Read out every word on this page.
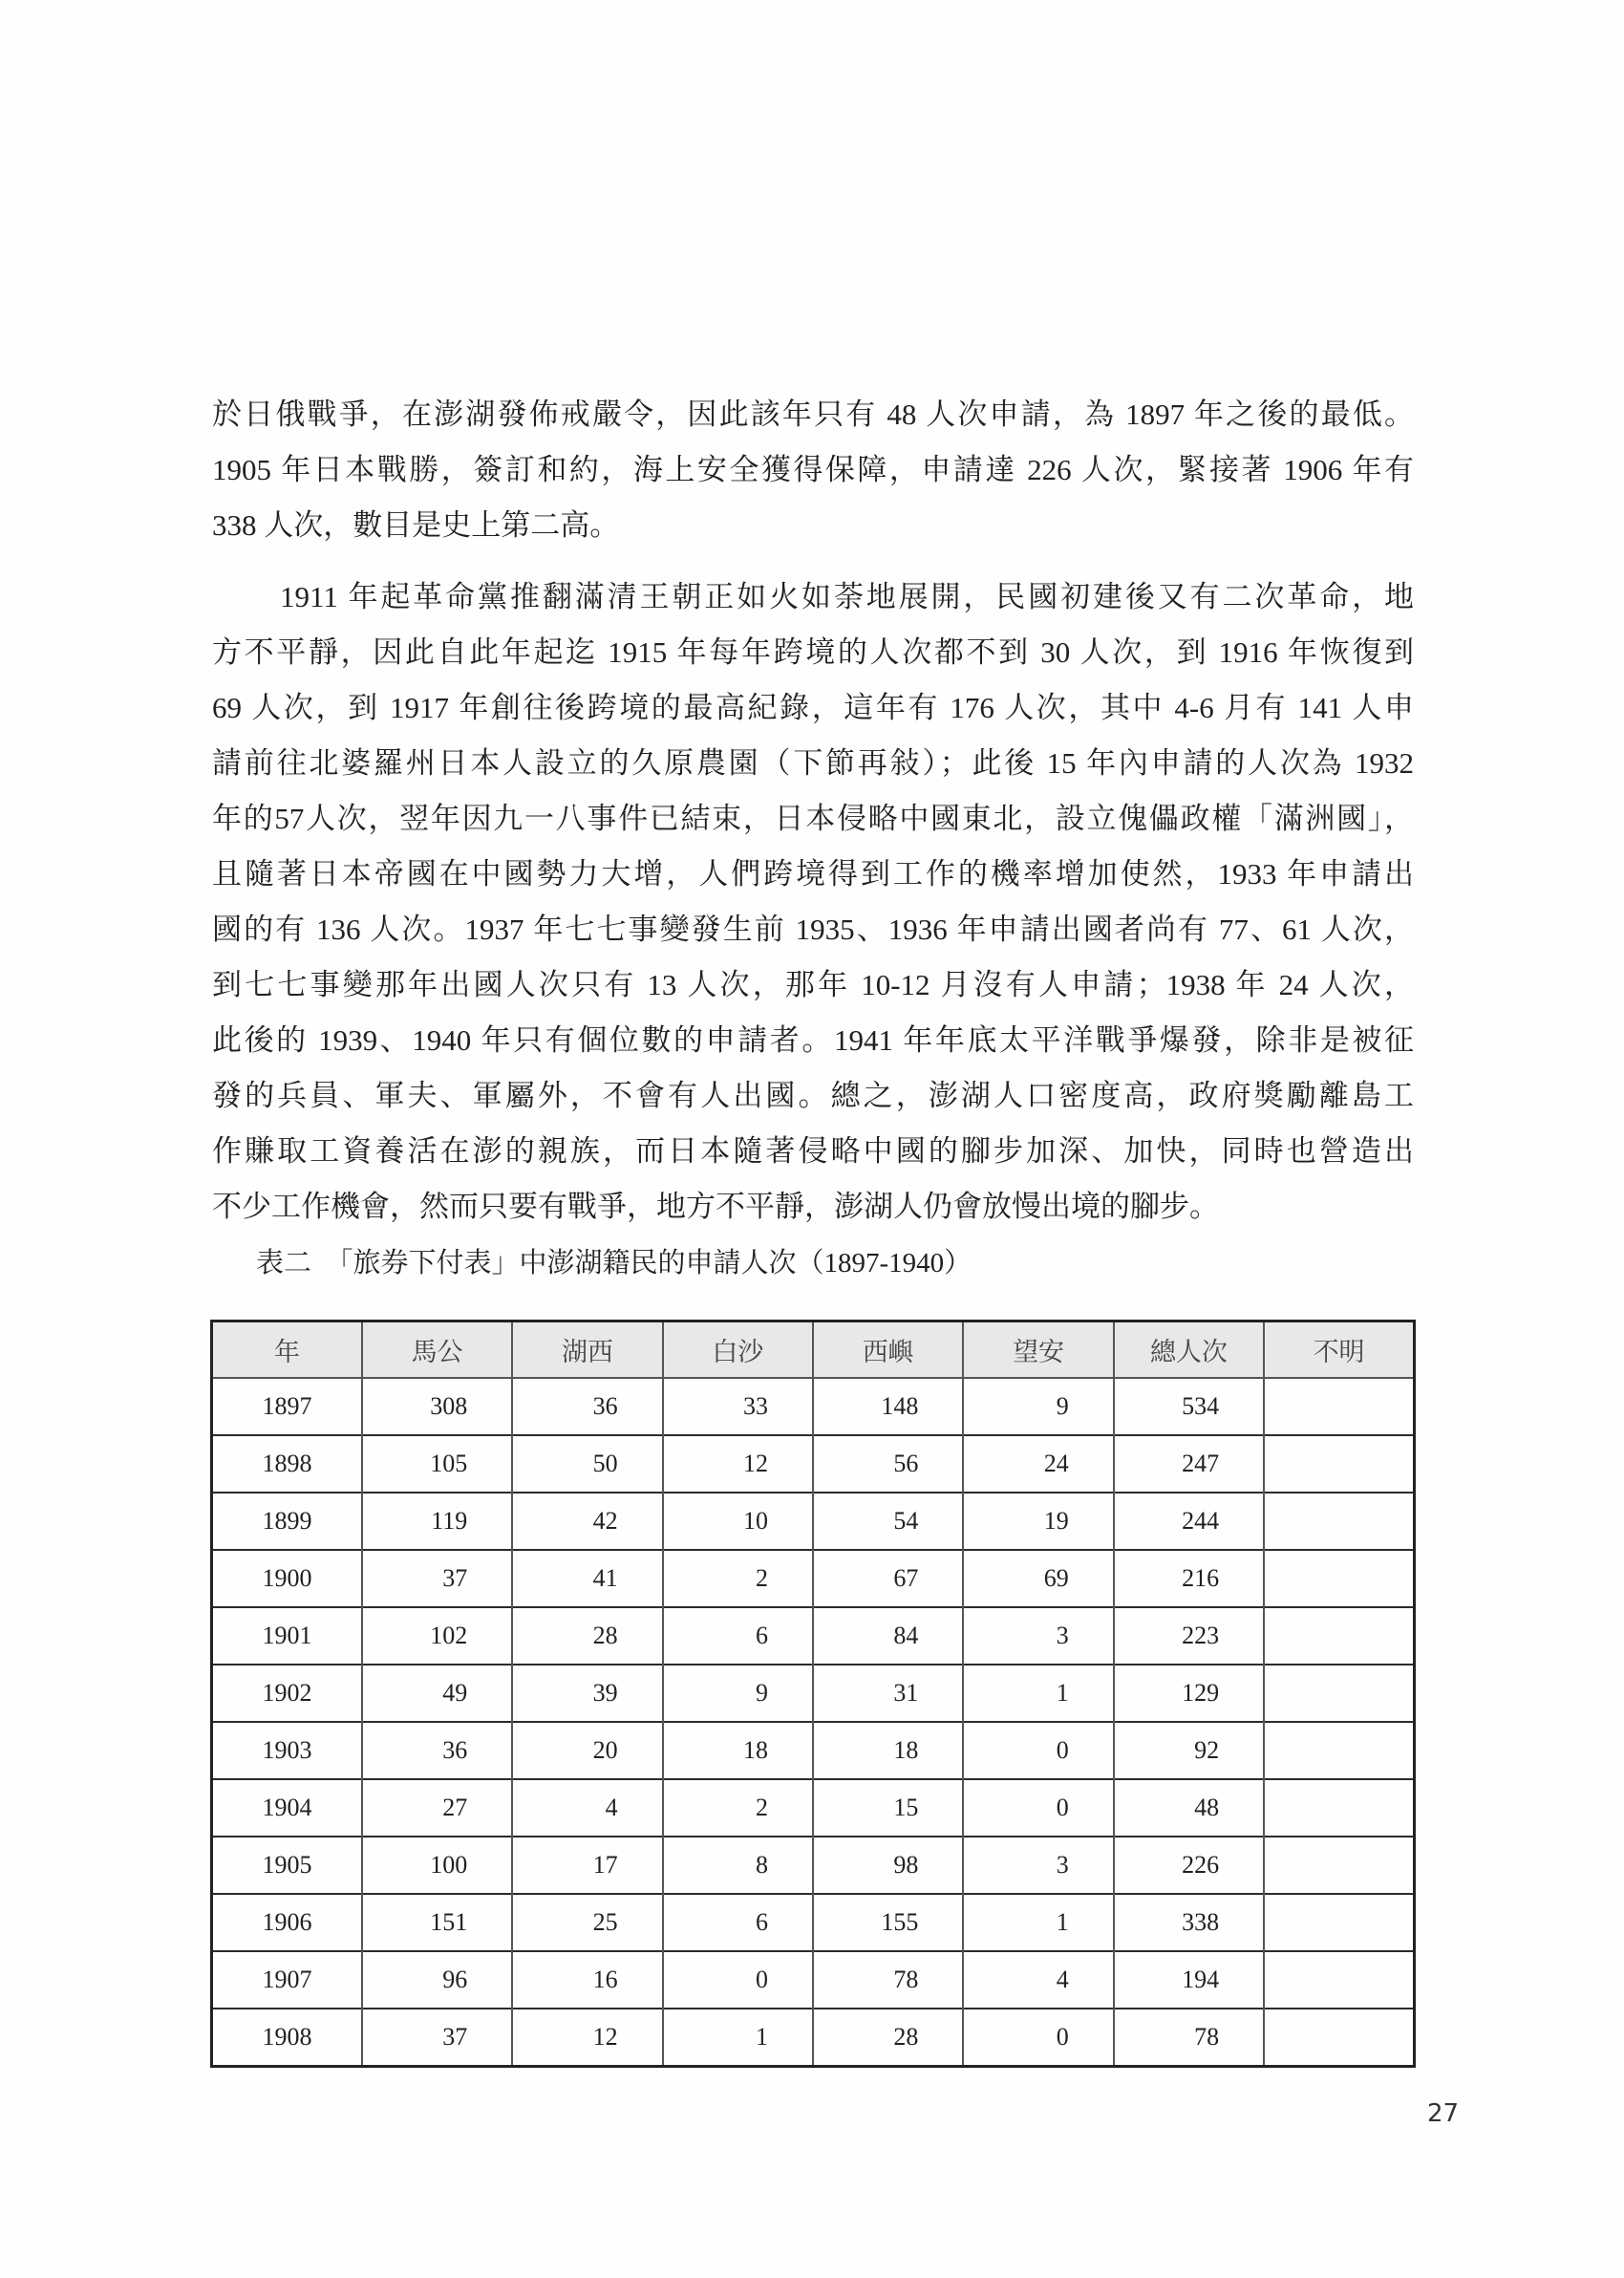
於日俄戰爭，在澎湖發佈戒嚴令，因此該年只有 48 人次申請，為 1897 年之後的最低。
1905 年日本戰勝，簽訂和約，海上安全獲得保障，申請達 226 人次，緊接著 1906 年有
338 人次，數目是史上第二高。
1911 年起革命黨推翻滿清王朝正如火如荼地展開，民國初建後又有二次革命，地
方不平靜，因此自此年起迄 1915 年每年跨境的人次都不到 30 人次，到 1916 年恢復到
69 人次，到 1917 年創往後跨境的最高紀錄，這年有 176 人次，其中 4-6 月有 141 人申
請前往北婆羅州日本人設立的久原農園（下節再敍）；此後 15 年內申請的人次為 1932
年的57人次，翌年因九一八事件已結束，日本侵略中國東北，設立傀儡政權「滿洲國」，
且隨著日本帝國在中國勢力大增，人們跨境得到工作的機率增加使然，1933 年申請出
國的有 136 人次。1937 年七七事變發生前 1935、1936 年申請出國者尚有 77、61 人次，
到七七事變那年出國人次只有 13 人次，那年 10-12 月沒有人申請；1938 年 24 人次，
此後的 1939、1940 年只有個位數的申請者。1941 年年底太平洋戰爭爆發，除非是被征
發的兵員、軍夫、軍屬外，不會有人出國。總之，澎湖人口密度高，政府獎勵離島工
作賺取工資養活在澎的親族，而日本隨著侵略中國的腳步加深、加快，同時也營造出
不少工作機會，然而只要有戰爭，地方不平靜，澎湖人仍會放慢出境的腳步。
表二　「旅券下付表」中澎湖籍民的申請人次（1897-1940）
年	馬公	湖西	白沙	西嶼	望安	總人次	不明
1897	308	36	33	148	9	534	
1898	105	50	12	56	24	247	
1899	119	42	10	54	19	244	
1900	37	41	2	67	69	216	
1901	102	28	6	84	3	223	
1902	49	39	9	31	1	129	
1903	36	20	18	18	0	92	
1904	27	4	2	15	0	48	
1905	100	17	8	98	3	226	
1906	151	25	6	155	1	338	
1907	96	16	0	78	4	194	
1908	37	12	1	28	0	78	
27
